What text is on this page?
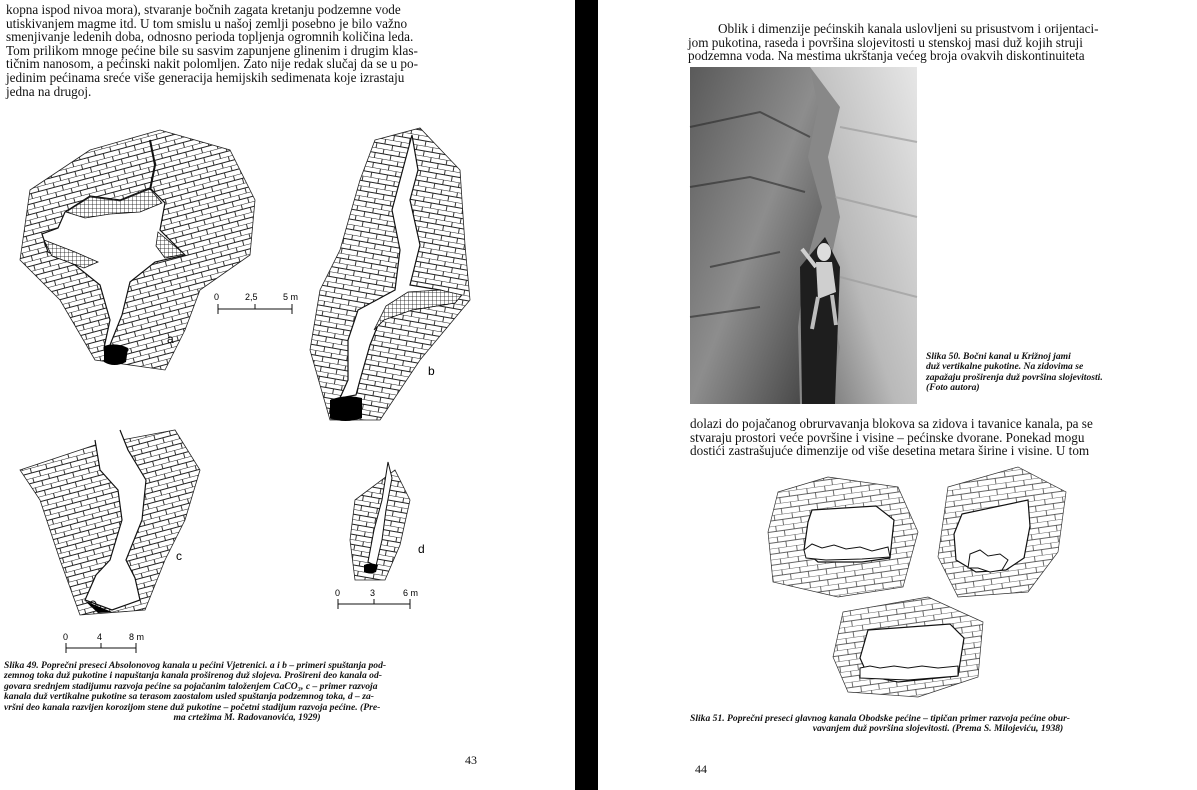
kopna ispod nivoa mora), stvaranje bočnih zagata kretanju podzemne vode
utiskivanjem magme itd. U tom smislu u našoj zemlji posebno je bilo važno
smenjivanje ledenih doba, odnosno perioda topljenja ogromnih količina leda.
Tom prilikom mnoge pećine bile su sasvim zapunjene glinenim i drugim klas-
tičnim nanosom, a pećinski nakit polomljen. Zato nije redak slučaj da se u po-
jedinim pećinama sreće više generacija hemijskih sedimenata koje izrastaju
jedna na drugoj.

a
0	2,5	5 m
b
c
0	4	8 m
d
0	3	6 m
Slika 49. Poprečni preseci Absolonovog kanala u pećini Vjetrenici. a i b – primeri spuštanja pod-
zemnog toka duž pukotine i napuštanja kanala proširenog duž slojeva. Prošireni deo kanala od-
govara srednjem stadijumu razvoja pećine sa pojačanim taloženjem CaCO₃, c – primer razvoja
kanala duž vertikalne pukotine sa terasom zaostalom usled spuštanja podzemnog toka, d – za-
vršni deo kanala razvijen korozijom stene duž pukotine – početni stadijum razvoja pećine. (Pre-
ma crtežima M. Radovanovića, 1929)
43

Oblik i dimenzije pećinskih kanala uslovljeni su prisustvom i orijentaci-
jom pukotina, raseda i površina slojevitosti u stenskoj masi duž kojih struji
podzemna voda. Na mestima ukrštanja većeg broja ovakvih diskontinuiteta

Slika 50. Bočni kanal u Križnoj jami
duž vertikalne pukotine. Na zidovima se
zapažaju proširenja duž površina slojevitosti.
(Foto autora)

dolazi do pojačanog obrurvavanja blokova sa zidova i tavanice kanala, pa se
stvaraju prostori veće površine i visine – pećinske dvorane. Ponekad mogu
dostići zastrašujuće dimenzije od više desetina metara širine i visine. U tom

Slika 51. Poprečni preseci glavnog kanala Obodske pećine – tipičan primer razvoja pećine obur-
vavanjem duž površina slojevitosti. (Prema S. Milojeviću, 1938)
44
